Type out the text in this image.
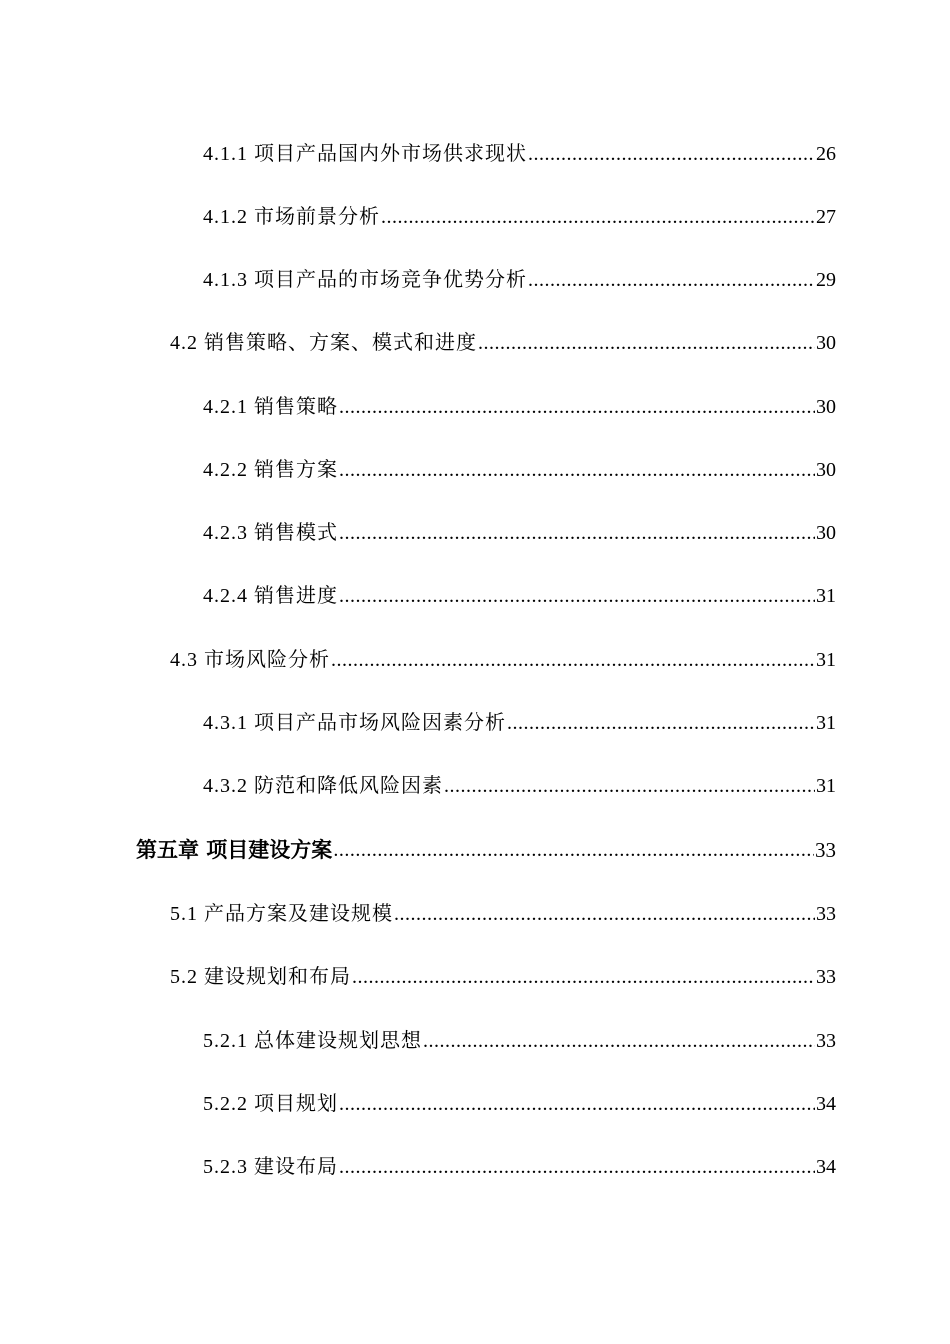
4.1.1 项目产品国内外市场供求现状 .....	26
4.1.2 市场前景分析 .....	27
4.1.3 项目产品的市场竞争优势分析 .....	29
4.2 销售策略、方案、模式和进度 .....	30
4.2.1 销售策略 .....	30
4.2.2 销售方案 .....	30
4.2.3 销售模式 .....	30
4.2.4 销售进度 .....	31
4.3 市场风险分析 .....	31
4.3.1 项目产品市场风险因素分析 .....	31
4.3.2 防范和降低风险因素 .....	31
第五章 项目建设方案 .....	33
5.1 产品方案及建设规模 .....	33
5.2 建设规划和布局 .....	33
5.2.1 总体建设规划思想 .....	33
5.2.2 项目规划 .....	34
5.2.3 建设布局 .....	34
